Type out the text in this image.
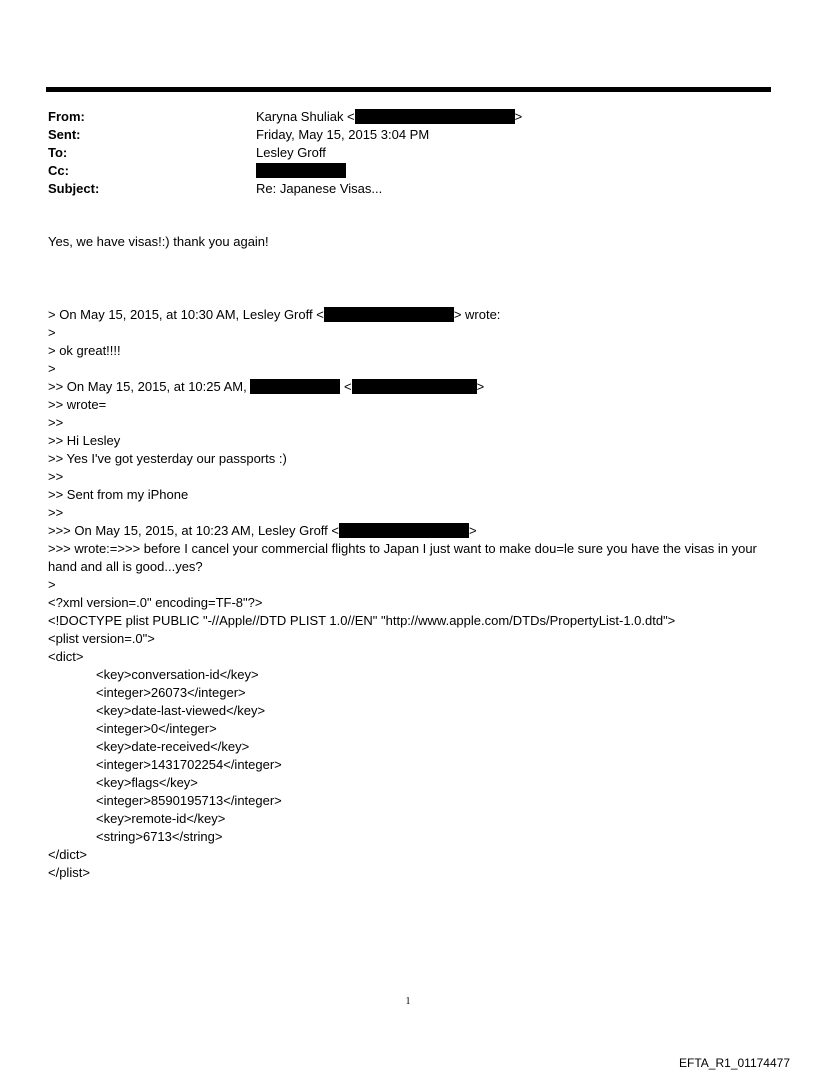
From:	Karyna Shuliak <	>
Sent:	Friday, May 15, 2015 3:04 PM
To:	Lesley Groff
Cc:
Subject:	Re: Japanese Visas...
Yes, we have visas!:) thank you again!
> On May 15, 2015, at 10:30 AM, Lesley Groff <	> wrote:
>
> ok great!!!!
>
>> On May 15, 2015, at 10:25 AM,	<	>
>> wrote=
>>
>> Hi Lesley
>> Yes I've got yesterday our passports :)
>>
>> Sent from my iPhone
>>
>>> On May 15, 2015, at 10:23 AM, Lesley Groff <	>
>>> wrote:=>>> before I cancel your commercial flights to Japan I just want to make dou=le sure you have the visas in your hand and all is good...yes?
>
<?xml version=.0" encoding=TF-8"?>
<!DOCTYPE plist PUBLIC "-//Apple//DTD PLIST 1.0//EN" "http://www.apple.com/DTDs/PropertyList-1.0.dtd">
<plist version=.0">
<dict>
<key>conversation-id</key>
<integer>26073</integer>
<key>date-last-viewed</key>
<integer>0</integer>
<key>date-received</key>
<integer>1431702254</integer>
<key>flags</key>
<integer>8590195713</integer>
<key>remote-id</key>
<string>6713</string>
</dict>
</plist>
1
EFTA_R1_01174477
